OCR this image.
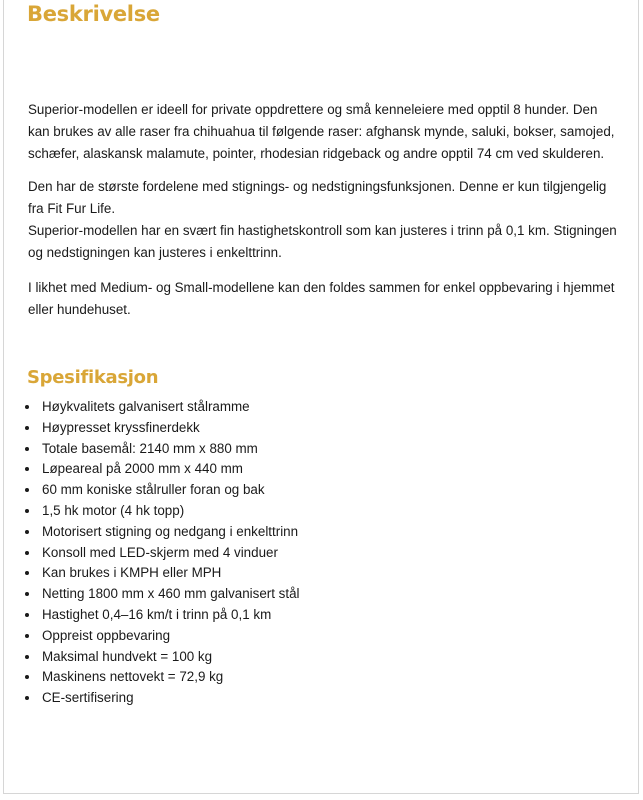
Beskrivelse

Superior-modellen er ideell for private oppdrettere og små kenneleiere med opptil 8 hunder. Den kan brukes av alle raser fra chihuahua til følgende raser: afghansk mynde, saluki, bokser, samojed, schæfer, alaskansk malamute, pointer, rhodesian ridgeback og andre opptil 74 cm ved skulderen.

Den har de største fordelene med stignings- og nedstigningsfunksjonen. Denne er kun tilgjengelig fra Fit Fur Life.
Superior-modellen har en svært fin hastighetskontroll som kan justeres i trinn på 0,1 km. Stigningen og nedstigningen kan justeres i enkelttrinn.

I likhet med Medium- og Small-modellene kan den foldes sammen for enkel oppbevaring i hjemmet eller hundehuset.

Spesifikasjon
• Høykvalitets galvanisert stålramme
• Høypresset kryssfinerdekk
• Totale basemål: 2140 mm x 880 mm
• Løpeareal på 2000 mm x 440 mm
• 60 mm koniske stålruller foran og bak
• 1,5 hk motor (4 hk topp)
• Motorisert stigning og nedgang i enkelttrinn
• Konsoll med LED-skjerm med 4 vinduer
• Kan brukes i KMPH eller MPH
• Netting 1800 mm x 460 mm galvanisert stål
• Hastighet 0,4–16 km/t i trinn på 0,1 km
• Oppreist oppbevaring
• Maksimal hundvekt = 100 kg
• Maskinens nettovekt = 72,9 kg
• CE-sertifisering
